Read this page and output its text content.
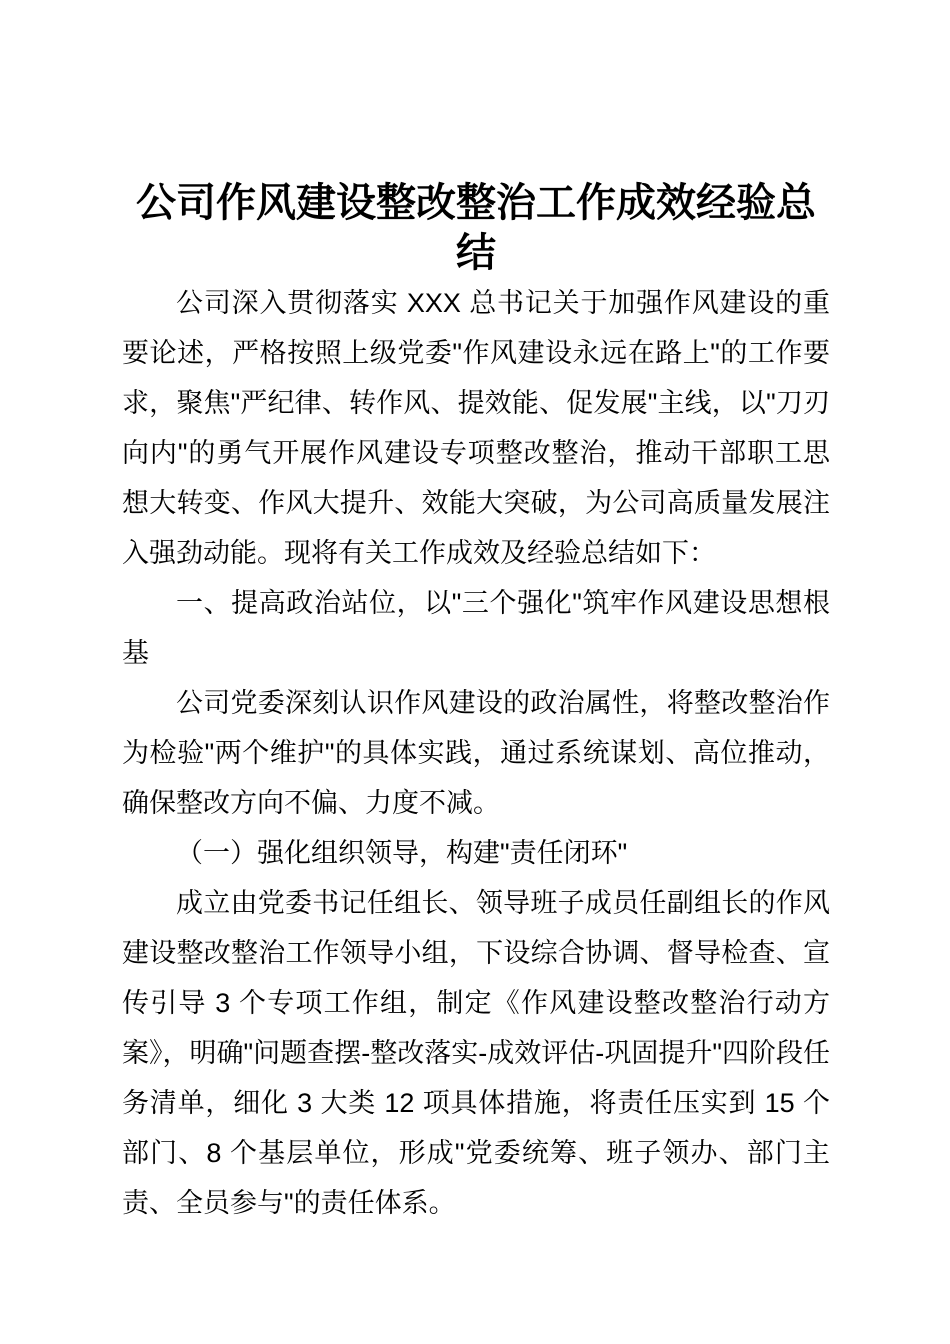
公司作风建设整改整治工作成效经验总结

公司深入贯彻落实 XXX 总书记关于加强作风建设的重要论述，严格按照上级党委"作风建设永远在路上"的工作要求，聚焦"严纪律、转作风、提效能、促发展"主线，以"刀刃向内"的勇气开展作风建设专项整改整治，推动干部职工思想大转变、作风大提升、效能大突破，为公司高质量发展注入强劲动能。现将有关工作成效及经验总结如下：

一、提高政治站位，以"三个强化"筑牢作风建设思想根基

公司党委深刻认识作风建设的政治属性，将整改整治作为检验"两个维护"的具体实践，通过系统谋划、高位推动，确保整改方向不偏、力度不减。

（一）强化组织领导，构建"责任闭环"

成立由党委书记任组长、领导班子成员任副组长的作风建设整改整治工作领导小组，下设综合协调、督导检查、宣传引导 3 个专项工作组，制定《作风建设整改整治行动方案》，明确"问题查摆-整改落实-成效评估-巩固提升"四阶段任务清单，细化 3 大类 12 项具体措施，将责任压实到 15 个部门、8 个基层单位，形成"党委统筹、班子领办、部门主责、全员参与"的责任体系。
